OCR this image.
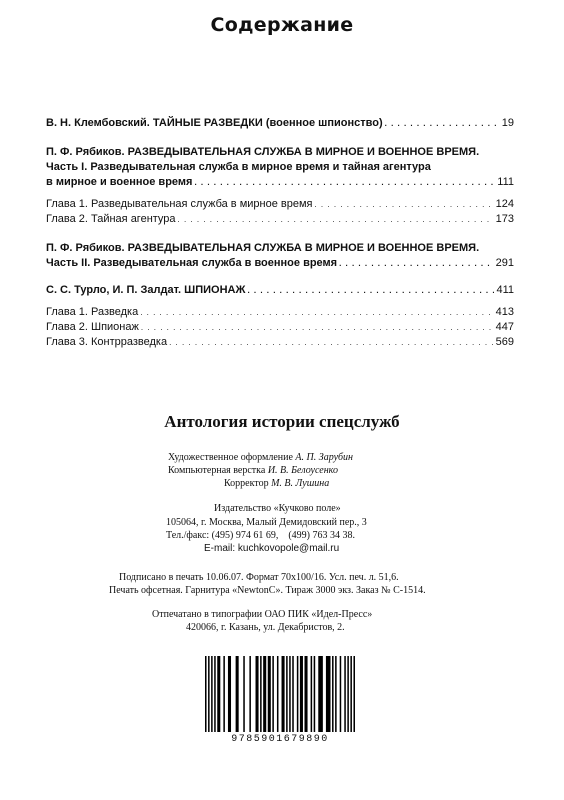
Содержание
В. Н. Клембовский. ТАЙНЫЕ РАЗВЕДКИ (военное шпионство) . . .	19
П. Ф. Рябиков. РАЗВЕДЫВАТЕЛЬНАЯ СЛУЖБА В МИРНОЕ И ВОЕННОЕ ВРЕМЯ.
Часть I. Разведывательная служба в мирное время и тайная агентура
в мирное и военное время . . .	111
Глава 1. Разведывательная служба в мирное время . . .	124
Глава 2. Тайная агентура . . .	173
П. Ф. Рябиков. РАЗВЕДЫВАТЕЛЬНАЯ СЛУЖБА В МИРНОЕ И ВОЕННОЕ ВРЕМЯ.
Часть II. Разведывательная служба в военное время . . .	291
С. С. Турло, И. П. Залдат. ШПИОНАЖ . . .	411
Глава 1. Разведка . . .	413
Глава 2. Шпионаж . . .	447
Глава 3. Контрразведка . . .	569
Антология истории спецслужб
Художественное оформление А. П. Зарубин
Компьютерная верстка И. В. Белоусенко
Корректор М. В. Лушина
Издательство «Кучково поле»
105064, г. Москва, Малый Демидовский пер., 3
Тел./факс: (495) 974 61 69,    (499) 763 34 38.
E-mail: kuchkovopole@mail.ru
Подписано в печать 10.06.07. Формат 70x100/16. Усл. печ. л. 51,6.
Печать офсетная. Гарнитура «NewtonC». Тираж 3000 экз. Заказ № С-1514.
Отпечатано в типографии ОАО ПИК «Идел-Пресс»
420066, г. Казань, ул. Декабристов, 2.
9785901679890
